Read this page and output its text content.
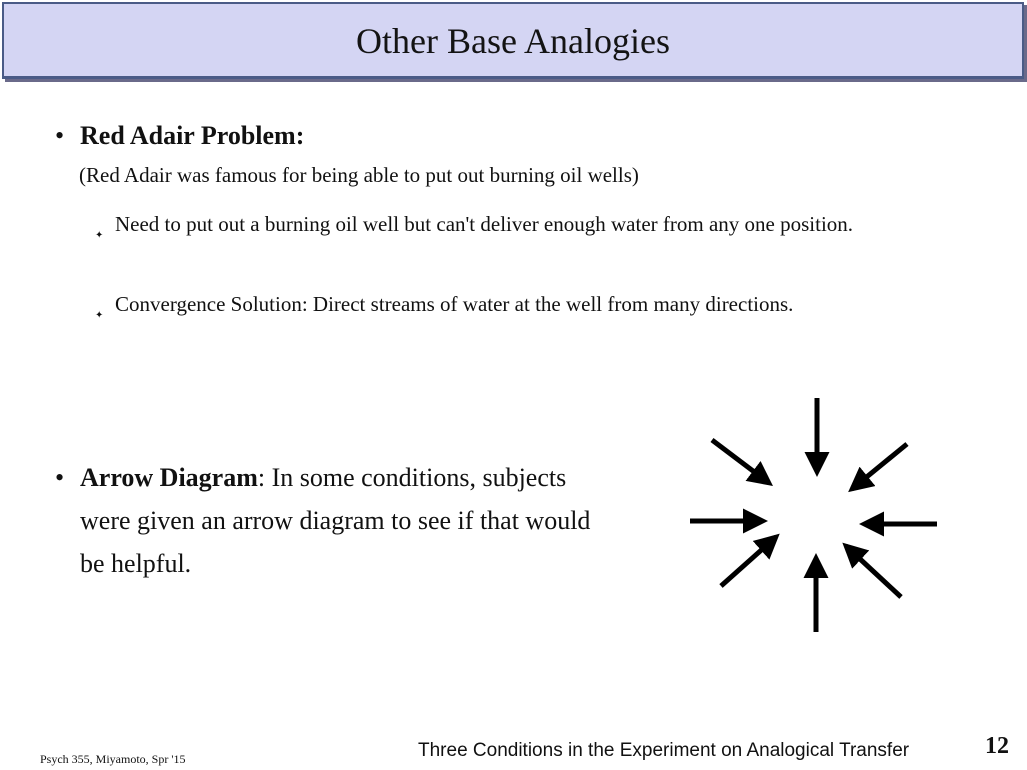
Other Base Analogies
• Red Adair Problem:
(Red Adair was famous for being able to put out burning oil wells)
✦ Need to put out a burning oil well but can't deliver enough water from any one position.
✦ Convergence Solution: Direct streams of water at the well from many directions.
• Arrow Diagram: In some conditions, subjects were given an arrow diagram to see if that would be helpful.
Psych 355, Miyamoto, Spr '15	Three Conditions in the Experiment on Analogical Transfer	12
